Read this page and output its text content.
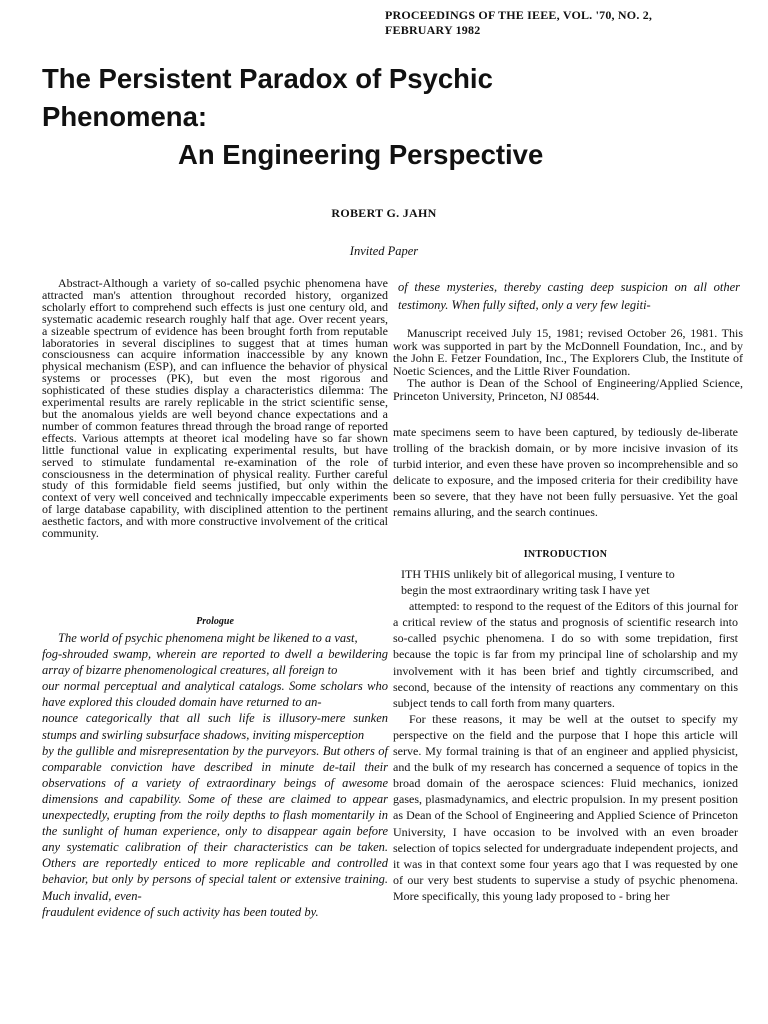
PROCEEDINGS OF THE IEEE, VOL. '70, NO. 2,
FEBRUARY 1982
The Persistent Paradox of Psychic
Phenomena:
An Engineering Perspective
ROBERT G. JAHN
Invited Paper
Abstract-Although a variety of so-called psychic phenomena have attracted man's attention throughout recorded history, organized scholarly effort to comprehend such effects is just one century old, and systematic academic research roughly half that age. Over recent years, a sizeable spectrum of evidence has been brought forth from reputable laboratories in several disciplines to suggest that at times human consciousness can acquire information inaccessible by any known physical mechanism (ESP), and can influence the behavior of physical systems or processes (PK), but even the most rigorous and sophisticated of these studies display a characteristics dilemma: The experimental results are rarely replicable in the strict scientific sense, but the anomalous yields are well beyond chance expectations and a number of common features thread through the broad range of reported effects. Various attempts at theoret ical modeling have so far shown little functional value in explicating experimental results, but have served to stimulate fundamental re-examination of the role of consciousness in the determination of physical reality. Further careful study of this formidable field seems justified, but only within the context of very well conceived and technically impeccable experiments of large database capability, with disciplined attention to the pertinent aesthetic factors, and with more constructive involvement of the critical community.
Prologue

The world of psychic phenomena might be likened to a vast,

fog-shrouded swamp, wherein are reported to dwell a bewildering array of bizarre phenomenological creatures, all foreign to

our normal perceptual and analytical catalogs. Some scholars who have explored this clouded domain have returned to an-

nounce categorically that all such life is illusory-mere sunken stumps and swirling subsurface shadows, inviting misperception

by the gullible and misrepresentation by the purveyors. But others of comparable conviction have described in minute de-tail their observations of a variety of extraordinary beings of awesome dimensions and capability. Some of these are claimed to appear unexpectedly, erupting from the roily depths to flash momentarily in the sunlight of human experience, only to disappear again before any systematic calibration of their characteristics can be taken. Others are reportedly enticed to more replicable and controlled behavior, but only by persons of special talent or extensive training. Much invalid, even-

fraudulent evidence of such activity has been touted by.

of these mysteries, thereby casting deep suspicion on all other testimony. When fully sifted, only a very few legiti-

Manuscript received July 15, 1981; revised October 26, 1981. This work was supported in part by the McDonnell Foundation, Inc., and by the John E. Fetzer Foundation, Inc., The Explorers Club, the Institute of Noetic Sciences, and the Little River Foundation.

The author is Dean of the School of Engineering/Applied Science, Princeton University, Princeton, NJ 08544.

mate specimens seem to have been captured, by tediously de-liberate trolling of the brackish domain, or by more incisive invasion of its turbid interior, and even these have proven so incomprehensible and so delicate to exposure, and the imposed criteria for their credibility have been so severe, that they have not been fully persuasive. Yet the goal remains alluring, and the search continues.
INTRODUCTION

ITH THIS unlikely bit of allegorical musing, I venture to

begin the most extraordinary writing task I have yet

attempted: to respond to the request of the Editors of this journal for a critical review of the status and prognosis of scientific research into so-called psychic phenomena. I do so with some trepidation, first because the topic is far from my principal line of scholarship and my involvement with it has been brief and tightly circumscribed, and second, because of the intensity of reactions any commentary on this subject tends to call forth from many quarters.

For these reasons, it may be well at the outset to specify my perspective on the field and the purpose that I hope this article will serve. My formal training is that of an engineer and applied physicist, and the bulk of my research has concerned a sequence of topics in the broad domain of the aerospace sciences: Fluid mechanics, ionized gases, plasmadynamics, and electric propulsion. In my present position as Dean of the School of Engineering and Applied Science of Princeton University, I have occasion to be involved with an even broader selection of topics selected for undergraduate independent projects, and it was in that context some four years ago that I was requested by one of our very best students to supervise a study of psychic phenomena. More specifically, this young lady proposed to - bring her
